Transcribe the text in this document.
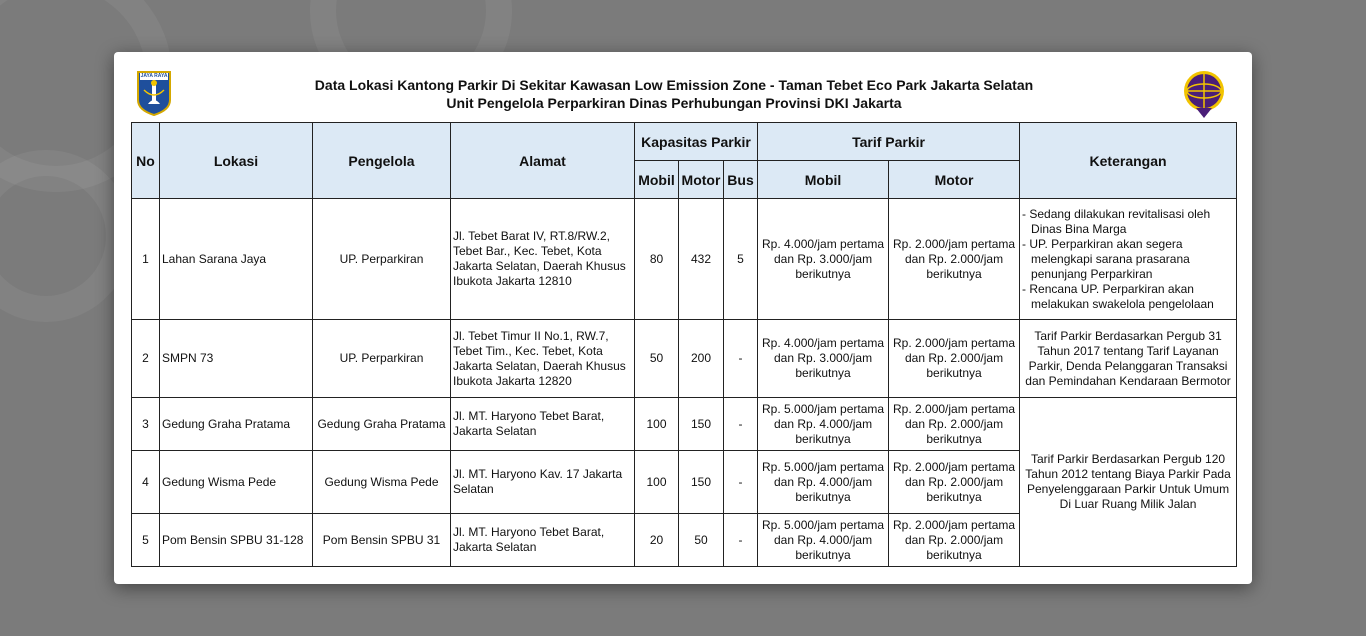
JAYA RAYA
Data Lokasi Kantong Parkir Di Sekitar Kawasan Low Emission Zone - Taman Tebet Eco Park Jakarta Selatan
Unit Pengelola Perparkiran Dinas Perhubungan Provinsi DKI Jakarta
No	Lokasi	Pengelola	Alamat	Kapasitas Parkir			Tarif Parkir		Keterangan
				Mobil	Motor	Bus	Mobil	Motor	
1	Lahan Sarana Jaya	UP. Perparkiran	Jl. Tebet Barat IV, RT.8/RW.2, Tebet Bar., Kec. Tebet, Kota Jakarta Selatan, Daerah Khusus Ibukota Jakarta 12810	80	432	5	Rp. 4.000/jam pertama dan Rp. 3.000/jam berikutnya	Rp. 2.000/jam pertama dan Rp. 2.000/jam berikutnya	- Sedang dilakukan revitalisasi oleh Dinas Bina Marga
- UP. Perparkiran akan segera melengkapi sarana prasarana penunjang Perparkiran
- Rencana UP. Perparkiran akan melakukan swakelola pengelolaan

2	SMPN 73	UP. Perparkiran	Jl. Tebet Timur II No.1, RW.7, Tebet Tim., Kec. Tebet, Kota Jakarta Selatan, Daerah Khusus Ibukota Jakarta 12820	50	200	-	Rp. 4.000/jam pertama dan Rp. 3.000/jam berikutnya	Rp. 2.000/jam pertama dan Rp. 2.000/jam berikutnya	Tarif Parkir Berdasarkan Pergub 31 Tahun 2017 tentang Tarif Layanan Parkir, Denda Pelanggaran Transaksi dan Pemindahan Kendaraan Bermotor
3	Gedung Graha Pratama	Gedung Graha Pratama	Jl. MT. Haryono Tebet Barat, Jakarta Selatan	100	150	-	Rp. 5.000/jam pertama dan Rp. 4.000/jam berikutnya	Rp. 2.000/jam pertama dan Rp. 2.000/jam berikutnya	Tarif Parkir Berdasarkan Pergub 120 Tahun 2012 tentang Biaya Parkir Pada Penyelenggaraan Parkir Untuk Umum Di Luar Ruang Milik Jalan
4	Gedung Wisma Pede	Gedung Wisma Pede	Jl. MT. Haryono Kav. 17 Jakarta Selatan	100	150	-	Rp. 5.000/jam pertama dan Rp. 4.000/jam berikutnya	Rp. 2.000/jam pertama dan Rp. 2.000/jam berikutnya	
5	Pom Bensin SPBU 31-128	Pom Bensin SPBU 31	Jl. MT. Haryono Tebet Barat, Jakarta Selatan	20	50	-	Rp. 5.000/jam pertama dan Rp. 4.000/jam berikutnya	Rp. 2.000/jam pertama dan Rp. 2.000/jam berikutnya	
